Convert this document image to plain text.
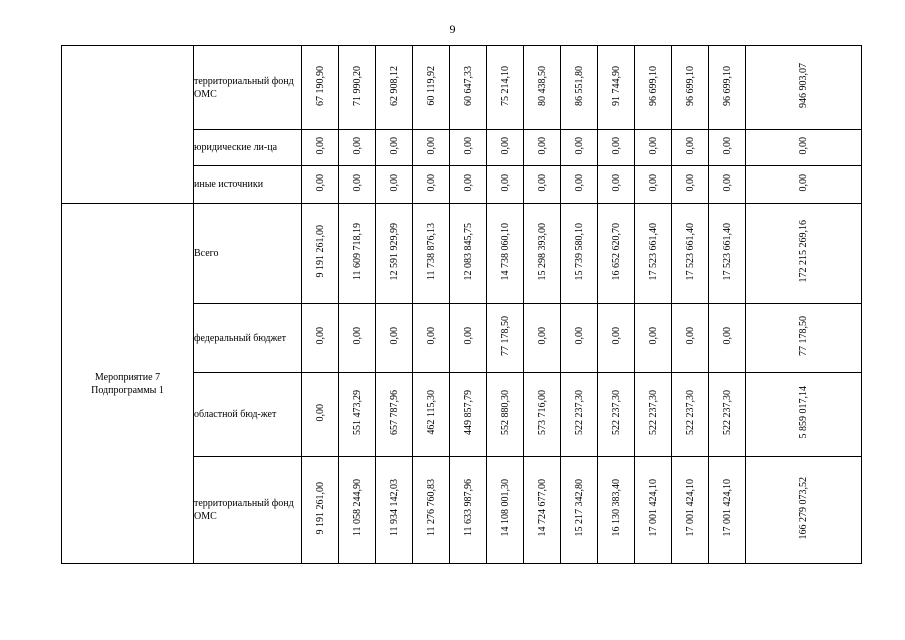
9
	территориальный фонд ОМС	67 190,90	71 990,20	62 908,12	60 119,92	60 647,33	75 214,10	80 438,50	86 551,80	91 744,90	96 699,10	96 699,10	96 699,10	946 903,07
	юридические ли-ца	0,00	0,00	0,00	0,00	0,00	0,00	0,00	0,00	0,00	0,00	0,00	0,00	0,00
	иные источники	0,00	0,00	0,00	0,00	0,00	0,00	0,00	0,00	0,00	0,00	0,00	0,00	0,00
Мероприятие 7 Подпрограммы 1	Всего	9 191 261,00	11 609 718,19	12 591 929,99	11 738 876,13	12 083 845,75	14 738 060,10	15 298 393,00	15 739 580,10	16 652 620,70	17 523 661,40	17 523 661,40	17 523 661,40	172 215 269,16
	федеральный бюджет	0,00	0,00	0,00	0,00	0,00	77 178,50	0,00	0,00	0,00	0,00	0,00	0,00	77 178,50
	областной бюд-жет	0,00	551 473,29	657 787,96	462 115,30	449 857,79	552 880,30	573 716,00	522 237,30	522 237,30	522 237,30	522 237,30	522 237,30	5 859 017,14
	территориальный фонд ОМС	9 191 261,00	11 058 244,90	11 934 142,03	11 276 760,83	11 633 987,96	14 108 001,30	14 724 677,00	15 217 342,80	16 130 383,40	17 001 424,10	17 001 424,10	17 001 424,10	166 279 073,52
